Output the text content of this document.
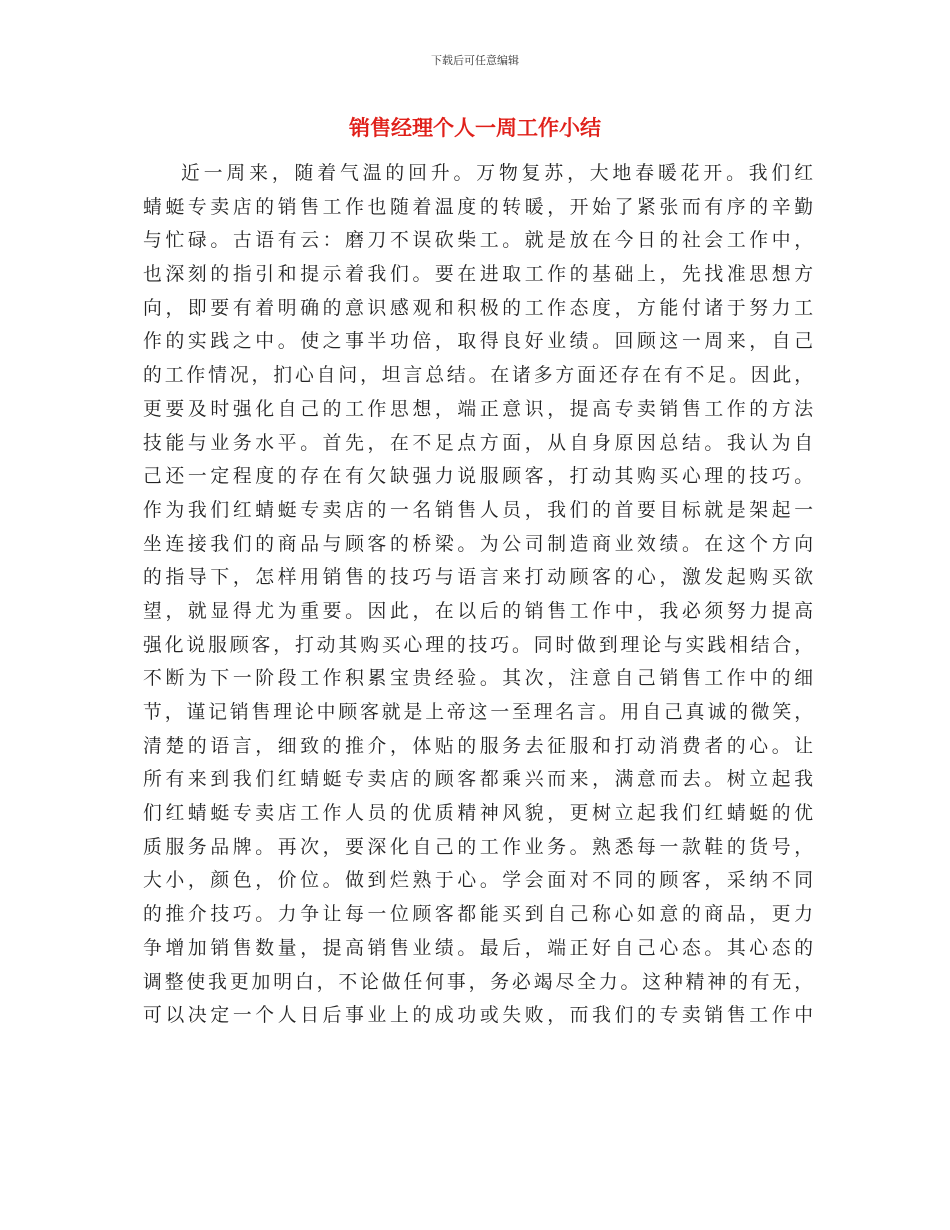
下载后可任意编辑
销售经理个人一周工作小结
近一周来，随着气温的回升。万物复苏，大地春暖花开。我们红
蜻蜓专卖店的销售工作也随着温度的转暖，开始了紧张而有序的辛勤
与忙碌。古语有云：磨刀不误砍柴工。就是放在今日的社会工作中，
也深刻的指引和提示着我们。要在进取工作的基础上，先找准思想方
向，即要有着明确的意识感观和积极的工作态度，方能付诸于努力工
作的实践之中。使之事半功倍，取得良好业绩。回顾这一周来，自己
的工作情况，扪心自问，坦言总结。在诸多方面还存在有不足。因此，
更要及时强化自己的工作思想，端正意识，提高专卖销售工作的方法
技能与业务水平。首先，在不足点方面，从自身原因总结。我认为自
己还一定程度的存在有欠缺强力说服顾客，打动其购买心理的技巧。
作为我们红蜻蜓专卖店的一名销售人员，我们的首要目标就是架起一
坐连接我们的商品与顾客的桥梁。为公司制造商业效绩。在这个方向
的指导下，怎样用销售的技巧与语言来打动顾客的心，激发起购买欲
望，就显得尤为重要。因此，在以后的销售工作中，我必须努力提高
强化说服顾客，打动其购买心理的技巧。同时做到理论与实践相结合，
不断为下一阶段工作积累宝贵经验。其次，注意自己销售工作中的细
节，谨记销售理论中顾客就是上帝这一至理名言。用自己真诚的微笑，
清楚的语言，细致的推介，体贴的服务去征服和打动消费者的心。让
所有来到我们红蜻蜓专卖店的顾客都乘兴而来，满意而去。树立起我
们红蜻蜓专卖店工作人员的优质精神风貌，更树立起我们红蜻蜓的优
质服务品牌。再次，要深化自己的工作业务。熟悉每一款鞋的货号，
大小，颜色，价位。做到烂熟于心。学会面对不同的顾客，采纳不同
的推介技巧。力争让每一位顾客都能买到自己称心如意的商品，更力
争增加销售数量，提高销售业绩。最后，端正好自己心态。其心态的
调整使我更加明白，不论做任何事，务必竭尽全力。这种精神的有无，
可以决定一个人日后事业上的成功或失败，而我们的专卖销售工作中
